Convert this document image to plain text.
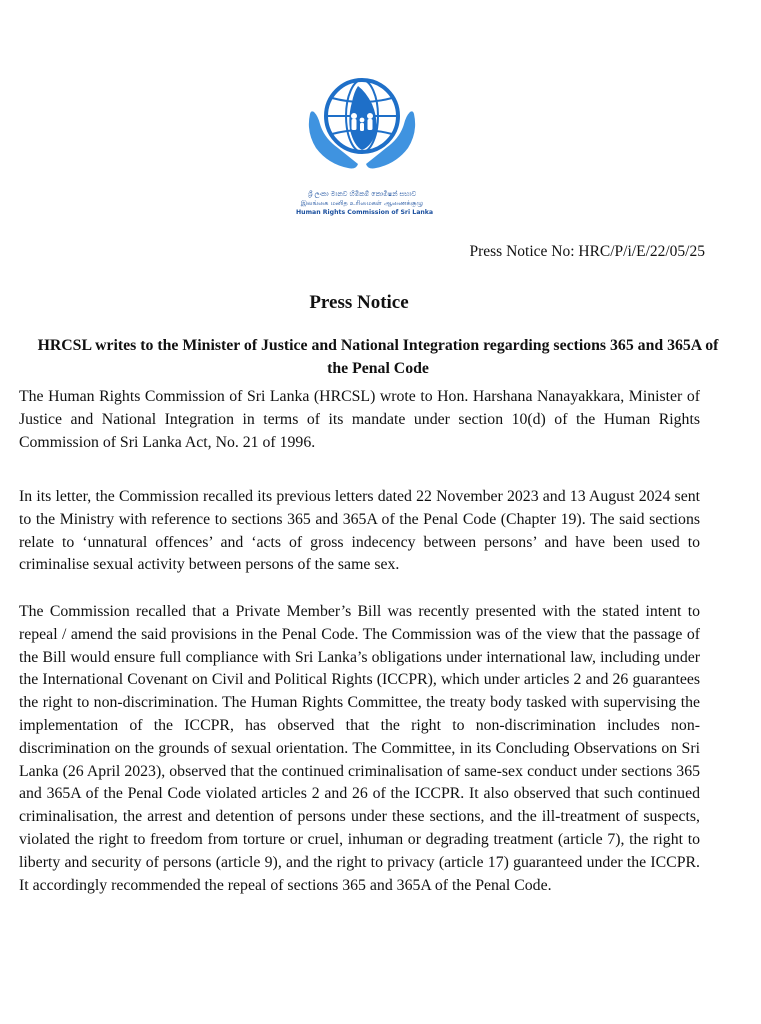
ශ්‍රී ලංකා මානව හිමිකම් කොමිෂන් සභාව
இலங்கை மனித உரிமைகள் ஆணைக்குழு
Human Rights Commission of Sri Lanka
Press Notice No: HRC/P/i/E/22/05/25
Press Notice
HRCSL writes to the Minister of Justice and National Integration regarding sections 365 and 365A of the Penal Code

The Human Rights Commission of Sri Lanka (HRCSL) wrote to Hon. Harshana Nanayakkara, Minister of Justice and National Integration in terms of its mandate under section 10(d) of the Human Rights Commission of Sri Lanka Act, No. 21 of 1996.

In its letter, the Commission recalled its previous letters dated 22 November 2023 and 13 August 2024 sent to the Ministry with reference to sections 365 and 365A of the Penal Code (Chapter 19). The said sections relate to ‘unnatural offences’ and ‘acts of gross indecency between persons’ and have been used to criminalise sexual activity between persons of the same sex.

The Commission recalled that a Private Member’s Bill was recently presented with the stated intent to repeal / amend the said provisions in the Penal Code. The Commission was of the view that the passage of the Bill would ensure full compliance with Sri Lanka’s obligations under international law, including under the International Covenant on Civil and Political Rights (ICCPR), which under articles 2 and 26 guarantees the right to non-discrimination. The Human Rights Committee, the treaty body tasked with supervising the implementation of the ICCPR, has observed that the right to non-discrimination includes non-discrimination on the grounds of sexual orientation. The Committee, in its Concluding Observations on Sri Lanka (26 April 2023), observed that the continued criminalisation of same-sex conduct under sections 365 and 365A of the Penal Code violated articles 2 and 26 of the ICCPR. It also observed that such continued criminalisation, the arrest and detention of persons under these sections, and the ill-treatment of suspects, violated the right to freedom from torture or cruel, inhuman or degrading treatment (article 7), the right to liberty and security of persons (article 9), and the right to privacy (article 17) guaranteed under the ICCPR. It accordingly recommended the repeal of sections 365 and 365A of the Penal Code.
